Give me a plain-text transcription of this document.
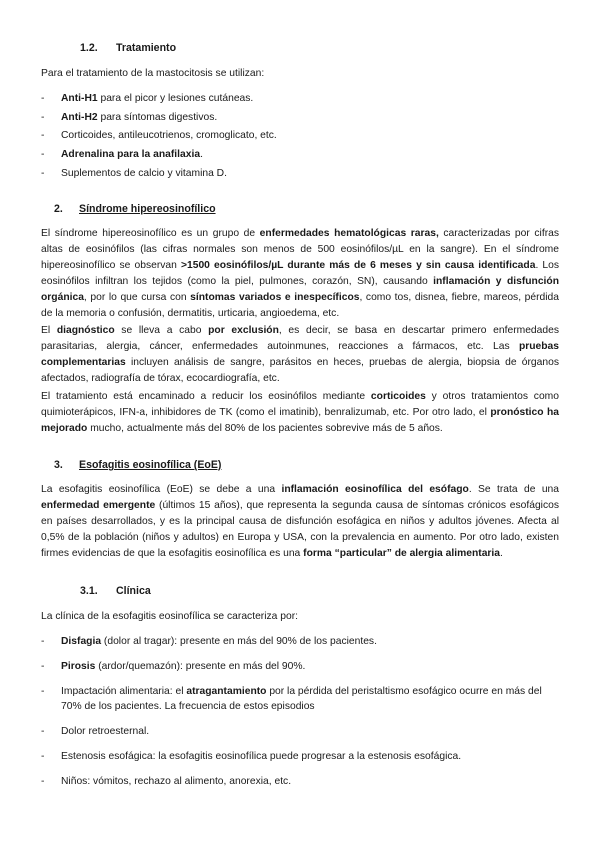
1.2. Tratamiento

Para el tratamiento de la mastocitosis se utilizan:

- Anti-H1 para el picor y lesiones cutáneas.

- Anti-H2 para síntomas digestivos.

- Corticoides, antileucotrienos, cromoglicato, etc.

- Adrenalina para la anafilaxia.

- Suplementos de calcio y vitamina D.

2. Síndrome hipereosinofílico

El síndrome hipereosinofílico es un grupo de enfermedades hematológicas raras, caracterizadas por cifras altas de eosinófilos (las cifras normales son menos de 500 eosinófilos/µL en la sangre). En el síndrome hipereosinofílico se observan >1500 eosinófilos/µL durante más de 6 meses y sin causa identificada. Los eosinófilos infiltran los tejidos (como la piel, pulmones, corazón, SN), causando inflamación y disfunción orgánica, por lo que cursa con síntomas variados e inespecíficos, como tos, disnea, fiebre, mareos, pérdida de la memoria o confusión, dermatitis, urticaria, angioedema, etc.

El diagnóstico se lleva a cabo por exclusión, es decir, se basa en descartar primero enfermedades parasitarias, alergia, cáncer, enfermedades autoinmunes, reacciones a fármacos, etc. Las pruebas complementarias incluyen análisis de sangre, parásitos en heces, pruebas de alergia, biopsia de órganos afectados, radiografía de tórax, ecocardiografía, etc.

El tratamiento está encaminado a reducir los eosinófilos mediante corticoides y otros tratamientos como quimioterápicos, IFN-a, inhibidores de TK (como el imatinib), benralizumab, etc. Por otro lado, el pronóstico ha mejorado mucho, actualmente más del 80% de los pacientes sobrevive más de 5 años.

3. Esofagitis eosinofílica (EoE)

La esofagitis eosinofílica (EoE) se debe a una inflamación eosinofílica del esófago. Se trata de una enfermedad emergente (últimos 15 años), que representa la segunda causa de síntomas crónicos esofágicos en países desarrollados, y es la principal causa de disfunción esofágica en niños y adultos jóvenes. Afecta al 0,5% de la población (niños y adultos) en Europa y USA, con la prevalencia en aumento. Por otro lado, existen firmes evidencias de que la esofagitis eosinofílica es una forma “particular” de alergia alimentaria.

3.1. Clínica

La clínica de la esofagitis eosinofílica se caracteriza por:

- Disfagia (dolor al tragar): presente en más del 90% de los pacientes.

- Pirosis (ardor/quemazón): presente en más del 90%.

- Impactación alimentaria: el atragantamiento por la pérdida del peristaltismo esofágico ocurre en más del 70% de los pacientes. La frecuencia de estos episodios

- Dolor retroesternal.

- Estenosis esofágica: la esofagitis eosinofílica puede progresar a la estenosis esofágica.

- Niños: vómitos, rechazo al alimento, anorexia, etc.
